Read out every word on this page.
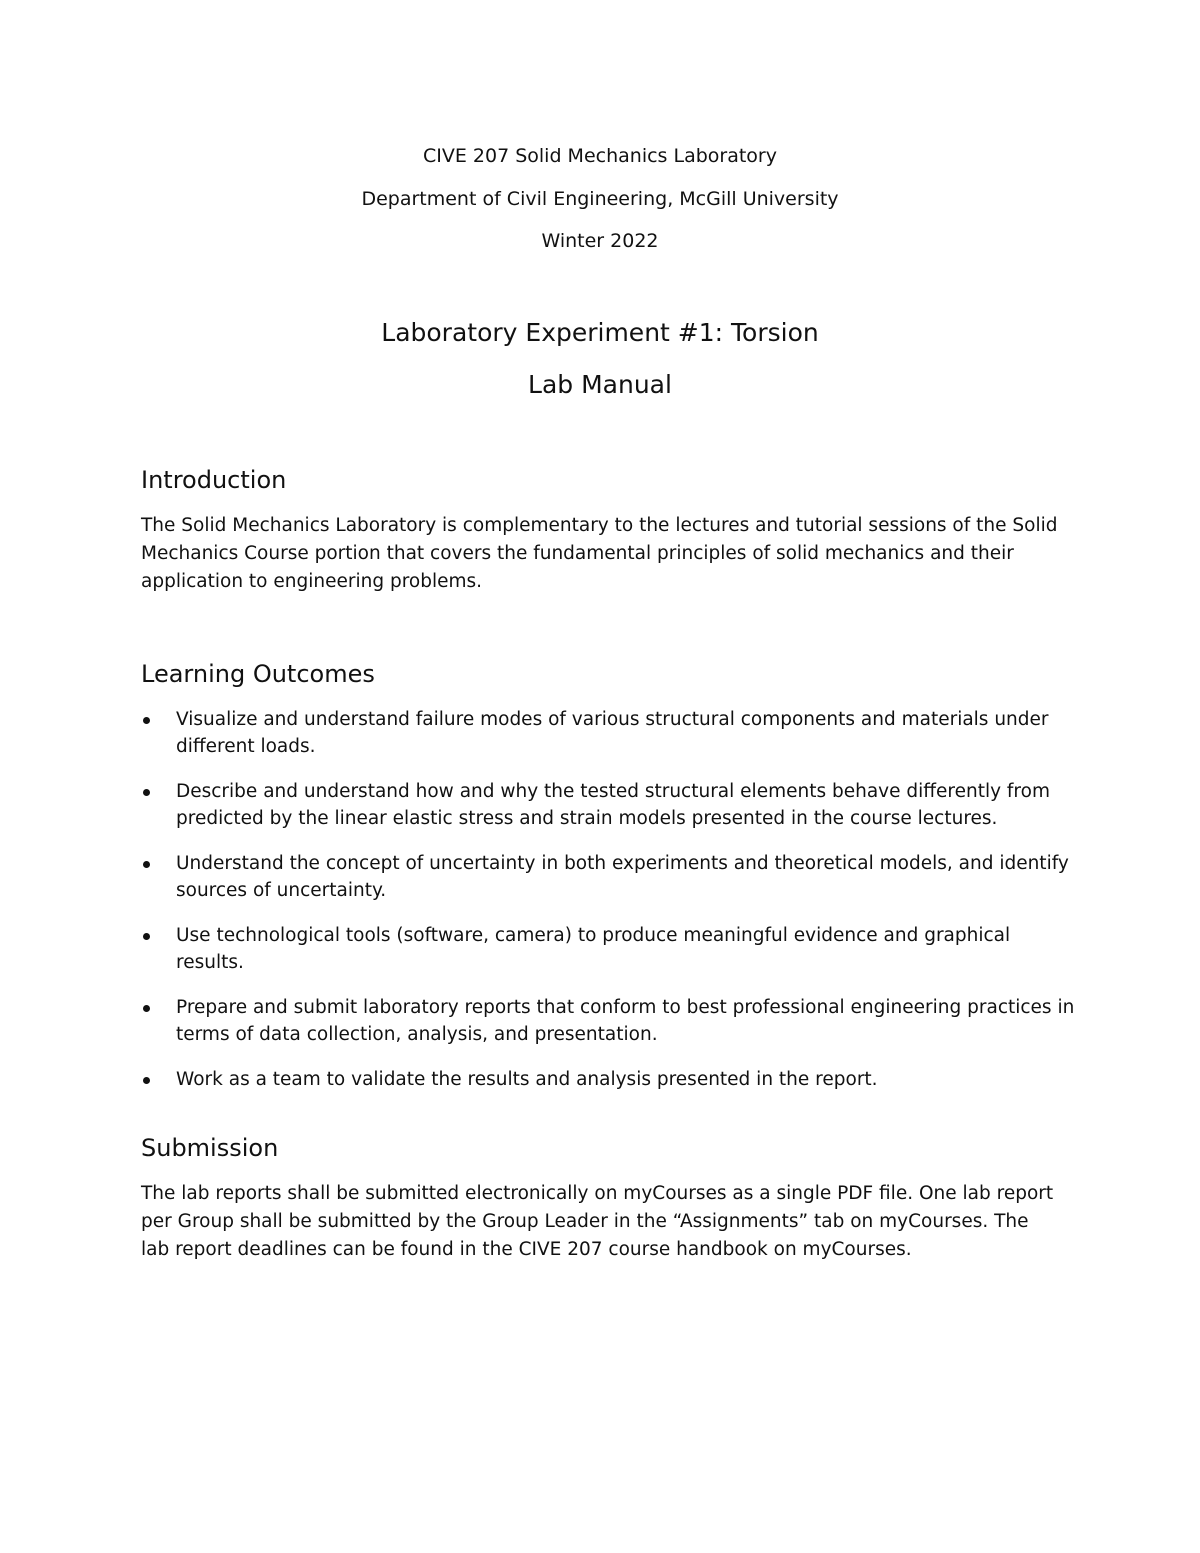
CIVE 207 Solid Mechanics Laboratory
Department of Civil Engineering, McGill University
Winter 2022
Laboratory Experiment #1: Torsion
Lab Manual
Introduction

The Solid Mechanics Laboratory is complementary to the lectures and tutorial sessions of the Solid Mechanics Course portion that covers the fundamental principles of solid mechanics and their application to engineering problems.

Learning Outcomes
Visualize and understand failure modes of various structural components and materials under different loads.
Describe and understand how and why the tested structural elements behave differently from predicted by the linear elastic stress and strain models presented in the course lectures.
Understand the concept of uncertainty in both experiments and theoretical models, and identify sources of uncertainty.
Use technological tools (software, camera) to produce meaningful evidence and graphical results.
Prepare and submit laboratory reports that conform to best professional engineering practices in terms of data collection, analysis, and presentation.
Work as a team to validate the results and analysis presented in the report.
Submission

The lab reports shall be submitted electronically on myCourses as a single PDF file. One lab report per Group shall be submitted by the Group Leader in the “Assignments” tab on myCourses. The lab report deadlines can be found in the CIVE 207 course handbook on myCourses.
